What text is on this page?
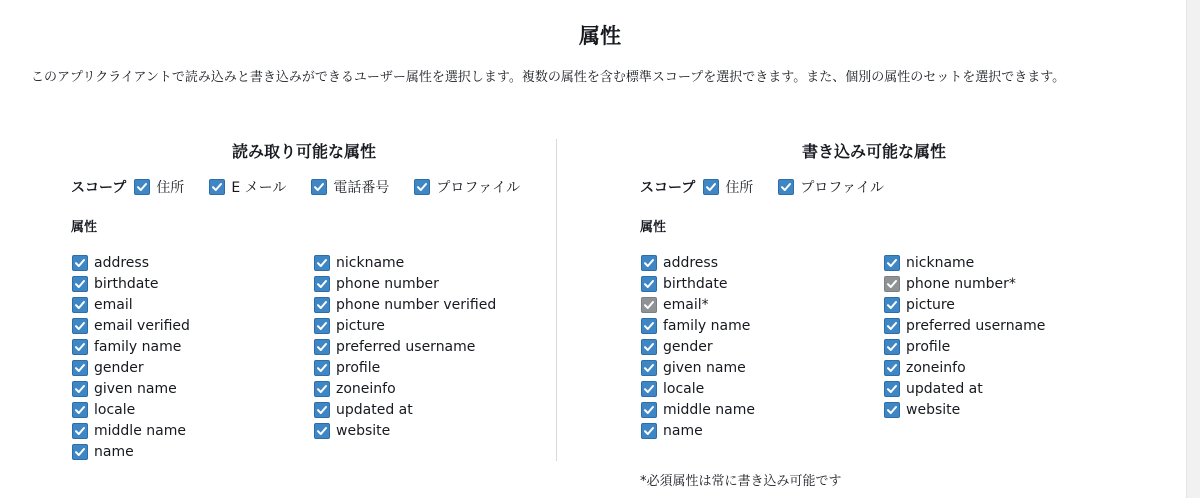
属性
このアプリクライアントで読み込みと書き込みができるユーザー属性を選択します。複数の属性を含む標準スコープを選択できます。また、個別の属性のセットを選択できます。
読み取り可能な属性
スコープ 住所	E メール	電話番号	プロファイル
属性
address
birthdate
email
email verified
family name
gender
given name
locale
middle name
name
nickname
phone number
phone number verified
picture
preferred username
profile
zoneinfo
updated at
website
書き込み可能な属性
スコープ 住所	プロファイル
属性
address
birthdate
email*
family name
gender
given name
locale
middle name
name
nickname
phone number*
picture
preferred username
profile
zoneinfo
updated at
website
*必須属性は常に書き込み可能です
